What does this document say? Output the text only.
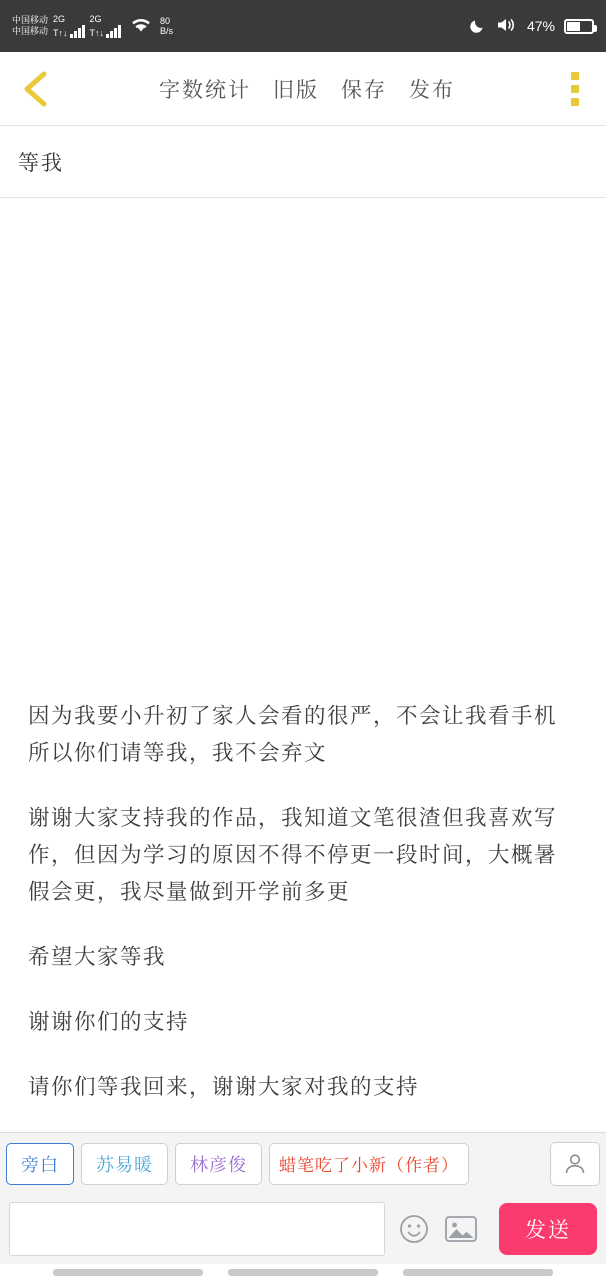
中国移动
中国移动
2G
T↑↓
2G
T↑↓
80
B/s	47%
字数统计 旧版 保存 发布
等我
因为我要小升初了家人会看的很严，不会让我看手机所以你们请等我，我不会弃文
谢谢大家支持我的作品，我知道文笔很渣但我喜欢写作，但因为学习的原因不得不停更一段时间，大概暑假会更，我尽量做到开学前多更
希望大家等我
谢谢你们的支持
请你们等我回来，谢谢大家对我的支持
旁白	苏易暖	林彦俊	蜡笔吃了小新（作者）
发送
